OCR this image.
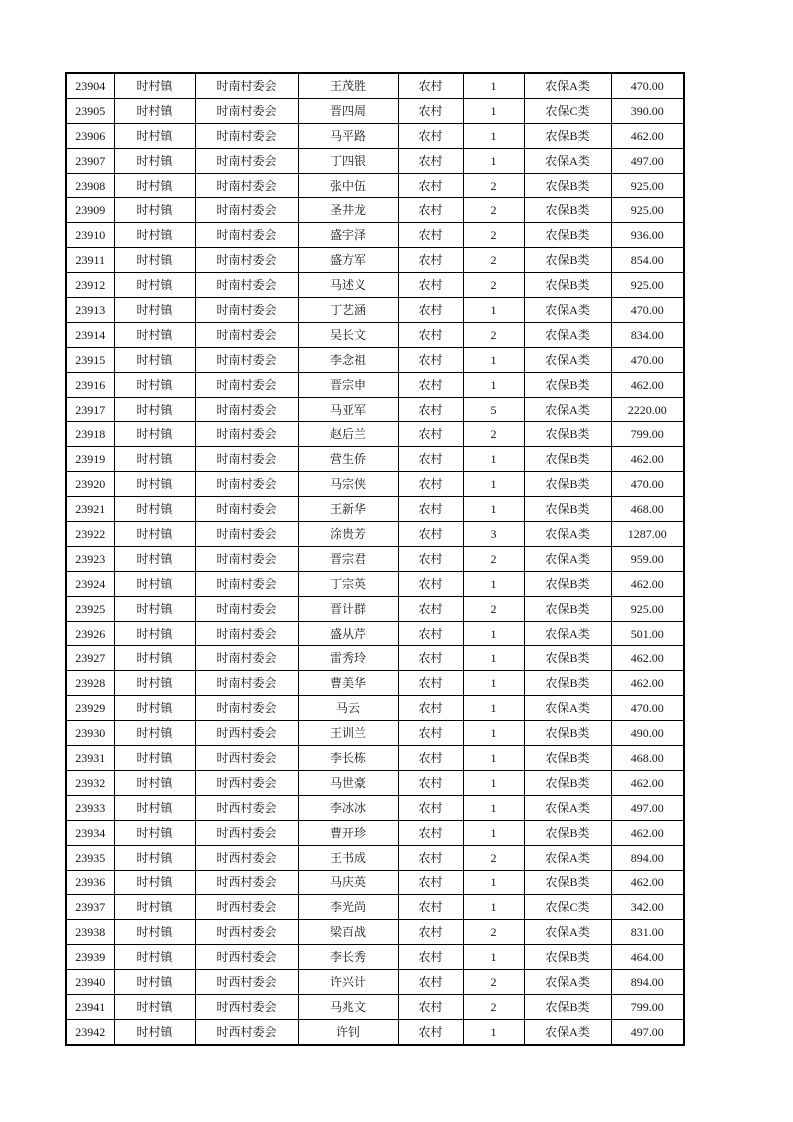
23904	时村镇	时南村委会	王茂胜	农村	1	农保A类	470.00
23905	时村镇	时南村委会	晋四周	农村	1	农保C类	390.00
23906	时村镇	时南村委会	马平路	农村	1	农保B类	462.00
23907	时村镇	时南村委会	丁四银	农村	1	农保A类	497.00
23908	时村镇	时南村委会	张中伍	农村	2	农保B类	925.00
23909	时村镇	时南村委会	圣井龙	农村	2	农保B类	925.00
23910	时村镇	时南村委会	盛宇泽	农村	2	农保B类	936.00
23911	时村镇	时南村委会	盛方军	农村	2	农保B类	854.00
23912	时村镇	时南村委会	马述义	农村	2	农保B类	925.00
23913	时村镇	时南村委会	丁艺涵	农村	1	农保A类	470.00
23914	时村镇	时南村委会	吴长文	农村	2	农保A类	834.00
23915	时村镇	时南村委会	李念祖	农村	1	农保A类	470.00
23916	时村镇	时南村委会	晋宗申	农村	1	农保B类	462.00
23917	时村镇	时南村委会	马亚军	农村	5	农保A类	2220.00
23918	时村镇	时南村委会	赵后兰	农村	2	农保B类	799.00
23919	时村镇	时南村委会	营生侨	农村	1	农保B类	462.00
23920	时村镇	时南村委会	马宗侠	农村	1	农保B类	470.00
23921	时村镇	时南村委会	王新华	农村	1	农保B类	468.00
23922	时村镇	时南村委会	涂贵芳	农村	3	农保A类	1287.00
23923	时村镇	时南村委会	晋宗君	农村	2	农保A类	959.00
23924	时村镇	时南村委会	丁宗英	农村	1	农保B类	462.00
23925	时村镇	时南村委会	晋计群	农村	2	农保B类	925.00
23926	时村镇	时南村委会	盛从芹	农村	1	农保A类	501.00
23927	时村镇	时南村委会	雷秀玲	农村	1	农保B类	462.00
23928	时村镇	时南村委会	曹美华	农村	1	农保B类	462.00
23929	时村镇	时南村委会	马云	农村	1	农保A类	470.00
23930	时村镇	时西村委会	王训兰	农村	1	农保B类	490.00
23931	时村镇	时西村委会	李长栋	农村	1	农保B类	468.00
23932	时村镇	时西村委会	马世豪	农村	1	农保B类	462.00
23933	时村镇	时西村委会	李冰冰	农村	1	农保A类	497.00
23934	时村镇	时西村委会	曹开珍	农村	1	农保B类	462.00
23935	时村镇	时西村委会	王书成	农村	2	农保A类	894.00
23936	时村镇	时西村委会	马庆英	农村	1	农保B类	462.00
23937	时村镇	时西村委会	李光尚	农村	1	农保C类	342.00
23938	时村镇	时西村委会	梁百战	农村	2	农保A类	831.00
23939	时村镇	时西村委会	李长秀	农村	1	农保B类	464.00
23940	时村镇	时西村委会	许兴计	农村	2	农保A类	894.00
23941	时村镇	时西村委会	马兆文	农村	2	农保B类	799.00
23942	时村镇	时西村委会	许钊	农村	1	农保A类	497.00
